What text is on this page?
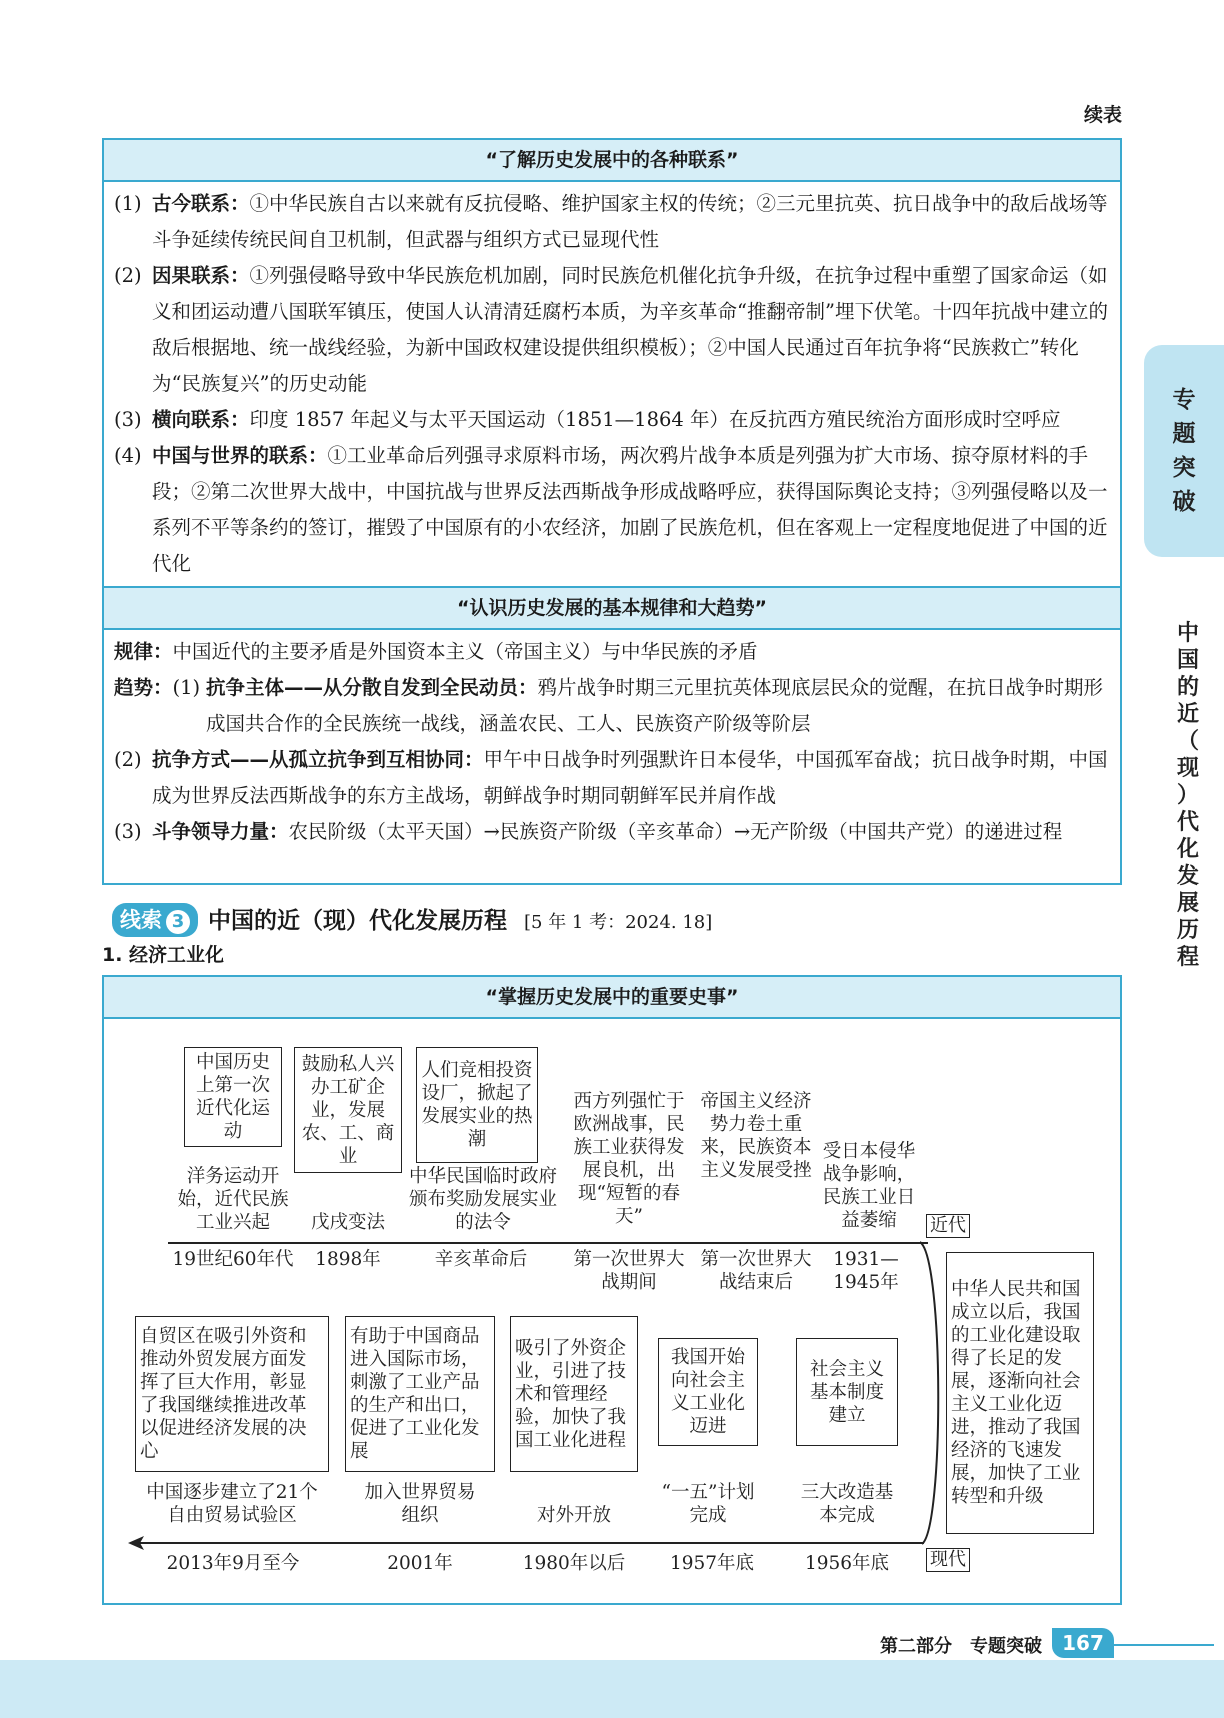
续表
“了解历史发展中的各种联系”
(1) 古今联系：①中华民族自古以来就有反抗侵略、维护国家主权的传统；②三元里抗英、抗日战争中的敌后战场等斗争延续传统民间自卫机制，但武器与组织方式已显现代性
(2) 因果联系：①列强侵略导致中华民族危机加剧，同时民族危机催化抗争升级，在抗争过程中重塑了国家命运（如义和团运动遭八国联军镇压，使国人认清清廷腐朽本质，为辛亥革命“推翻帝制”埋下伏笔。十四年抗战中建立的敌后根据地、统一战线经验，为新中国政权建设提供组织模板）；②中国人民通过百年抗争将“民族救亡”转化为“民族复兴”的历史动能
(3) 横向联系：印度 1857 年起义与太平天国运动（1851—1864 年）在反抗西方殖民统治方面形成时空呼应
(4) 中国与世界的联系：①工业革命后列强寻求原料市场，两次鸦片战争本质是列强为扩大市场、掠夺原材料的手段；②第二次世界大战中，中国抗战与世界反法西斯战争形成战略呼应，获得国际舆论支持；③列强侵略以及一系列不平等条约的签订，摧毁了中国原有的小农经济，加剧了民族危机，但在客观上一定程度地促进了中国的近代化
“认识历史发展的基本规律和大趋势”
规律：中国近代的主要矛盾是外国资本主义（帝国主义）与中华民族的矛盾
趋势：(1) 抗争主体——从分散自发到全民动员：鸦片战争时期三元里抗英体现底层民众的觉醒，在抗日战争时期形成国共合作的全民族统一战线，涵盖农民、工人、民族资产阶级等阶层
(2) 抗争方式——从孤立抗争到互相协同：甲午中日战争时列强默许日本侵华，中国孤军奋战；抗日战争时期，中国成为世界反法西斯战争的东方主战场，朝鲜战争时期同朝鲜军民并肩作战
(3) 斗争领导力量：农民阶级（太平天国）→民族资产阶级（辛亥革命）→无产阶级（中国共产党）的递进过程
专
题
突
破
中
国
的
近
（
现
）
代
化
发
展
历
程
线索 3	中国的近（现）代化发展历程 [5 年 1 考：2024. 18]
1. 经济工业化
“掌握历史发展中的重要史事”
中国历史上第一次近代化运动
洋务运动开始，近代民族工业兴起
19世纪60年代
鼓励私人兴办工矿企业，发展农、工、商业
戊戌变法
1898年
人们竞相投资设厂，掀起了发展实业的热潮
中华民国临时政府颁布奖励发展实业的法令
辛亥革命后
西方列强忙于欧洲战事，民族工业获得发展良机，出现“短暂的春天”
第一次世界大战期间
帝国主义经济势力卷土重来，民族资本主义发展受挫
第一次世界大战结束后
受日本侵华战争影响，民族工业日益萎缩
1931—1945年
近代
中华人民共和国成立以后，我国的工业化建设取得了长足的发展，逐渐向社会主义工业化迈进，推动了我国经济的飞速发展，加快了工业转型和升级
自贸区在吸引外资和推动外贸发展方面发挥了巨大作用，彰显了我国继续推进改革以促进经济发展的决心
中国逐步建立了21个自由贸易试验区
2013年9月至今
有助于中国商品进入国际市场，刺激了工业产品的生产和出口，促进了工业化发展
加入世界贸易组织
2001年
吸引了外资企业，引进了技术和管理经验，加快了我国工业化进程
对外开放
1980年以后
我国开始向社会主义工业化迈进
“一五”计划完成
1957年底
社会主义基本制度建立
三大改造基本完成
1956年底	现代
第二部分　专题突破	167
